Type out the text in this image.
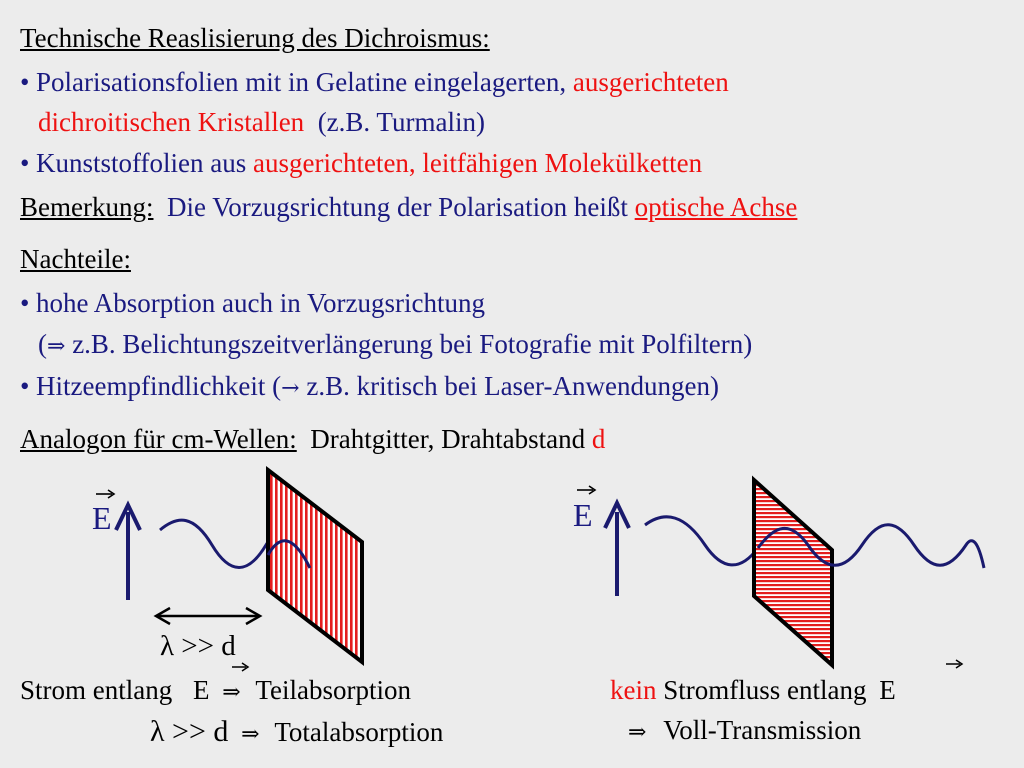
Technische Reaslisierung des Dichroismus:
• Polarisationsfolien mit in Gelatine eingelagerten, ausgerichteten
dichroitischen Kristallen (z.B. Turmalin)
• Kunststoffolien aus ausgerichteten, leitfähigen Molekülketten
Bemerkung: Die Vorzugsrichtung der Polarisation heißt optische Achse
Nachteile:
• hohe Absorption auch in Vorzugsrichtung
(⇒ z.B. Belichtungszeitverlängerung bei Fotografie mit Polfiltern)
• Hitzeempfindlichkeit (→ z.B. kritisch bei Laser-Anwendungen)
Analogon für cm-Wellen: Drahtgitter, Drahtabstand d
E	E
λ >> d
Strom entlang E ⇒ Teilabsorption
λ >> d ⇒ Totalabsorption
kein Stromfluss entlang E
⇒ Voll-Transmission
